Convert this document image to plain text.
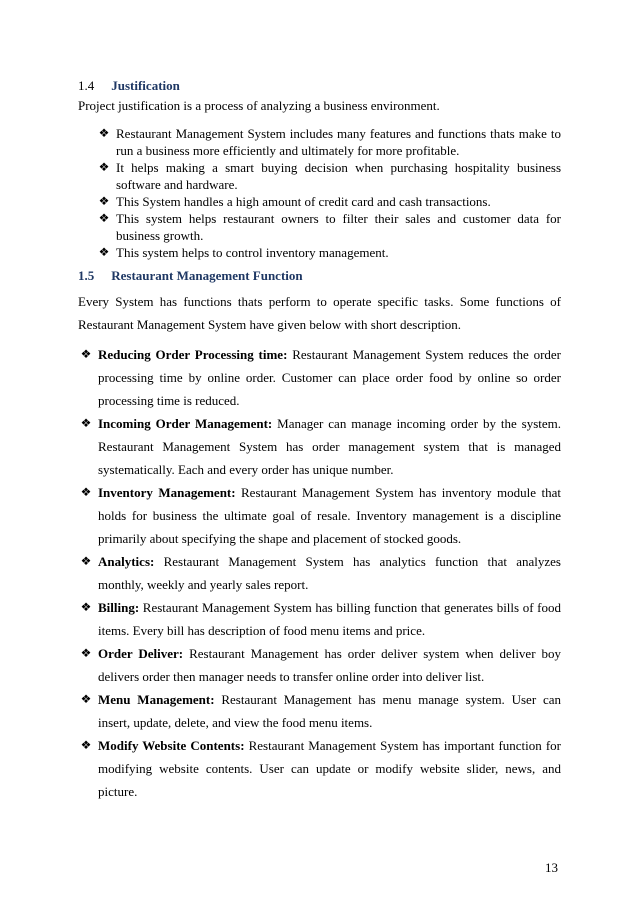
1.4 Justification
Project justification is a process of analyzing a business environment.
❖ Restaurant Management System includes many features and functions thats make to run a business more efficiently and ultimately for more profitable.
❖ It helps making a smart buying decision when purchasing hospitality business software and hardware.
❖ This System handles a high amount of credit card and cash transactions.
❖ This system helps restaurant owners to filter their sales and customer data for business growth.
❖ This system helps to control inventory management.
1.5 Restaurant Management Function
Every System has functions thats perform to operate specific tasks. Some functions of Restaurant Management System have given below with short description.
❖ Reducing Order Processing time: Restaurant Management System reduces the order processing time by online order. Customer can place order food by online so order processing time is reduced.
❖ Incoming Order Management: Manager can manage incoming order by the system. Restaurant Management System has order management system that is managed systematically. Each and every order has unique number.
❖ Inventory Management: Restaurant Management System has inventory module that holds for business the ultimate goal of resale. Inventory management is a discipline primarily about specifying the shape and placement of stocked goods.
❖ Analytics: Restaurant Management System has analytics function that analyzes monthly, weekly and yearly sales report.
❖ Billing: Restaurant Management System has billing function that generates bills of food items. Every bill has description of food menu items and price.
❖ Order Deliver: Restaurant Management has order deliver system when deliver boy delivers order then manager needs to transfer online order into deliver list.
❖ Menu Management: Restaurant Management has menu manage system. User can insert, update, delete, and view the food menu items.
❖ Modify Website Contents: Restaurant Management System has important function for modifying website contents. User can update or modify website slider, news, and picture.
13
